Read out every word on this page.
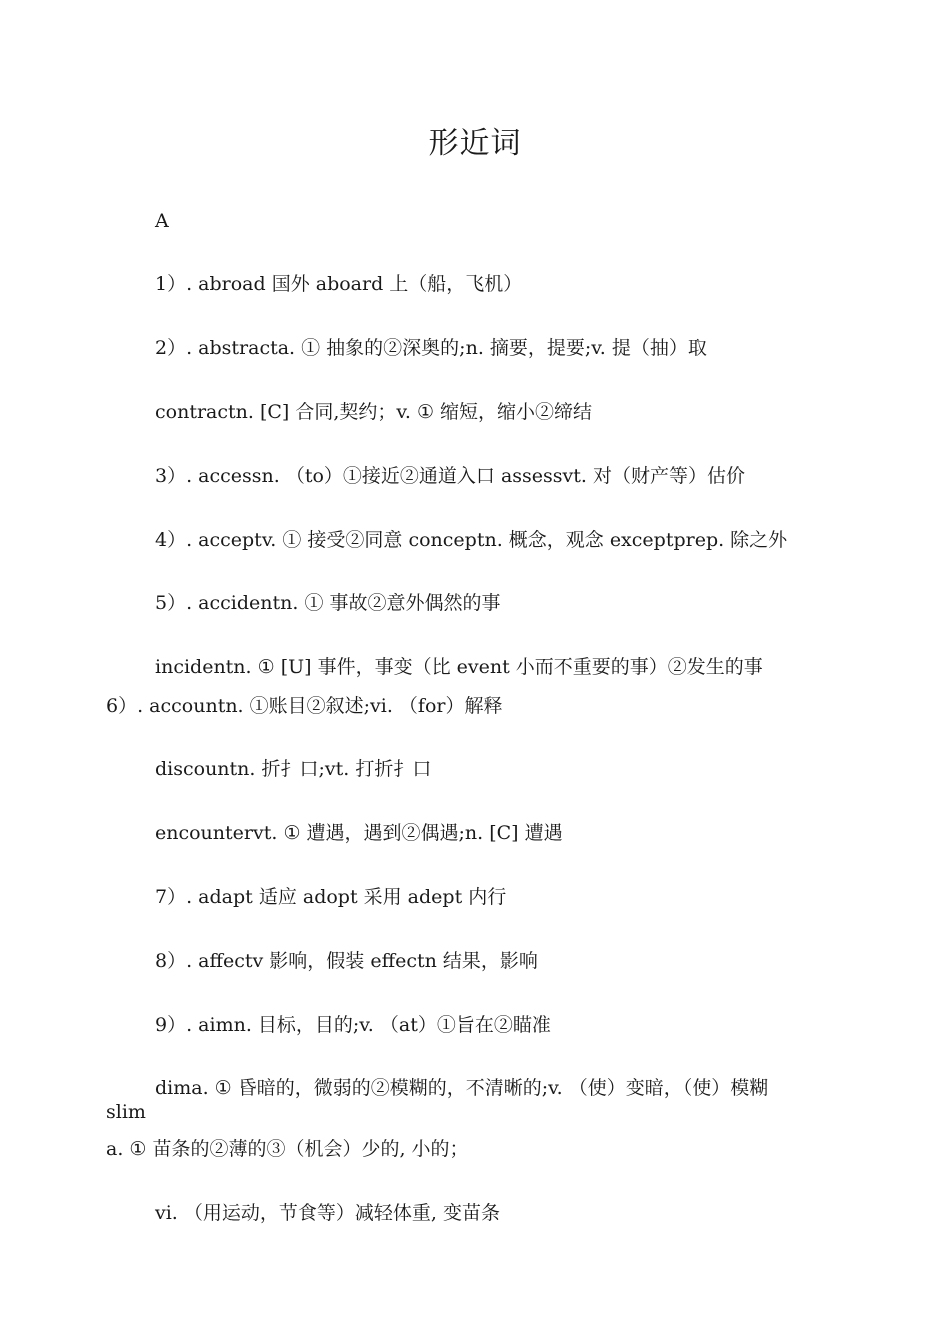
形近词
A
1）. abroad 国外 aboard 上（船，飞机）
2）. abstracta. ① 抽象的②深奥的;n. 摘要，提要;v. 提（抽）取
contractn. [C] 合同,契约；v. ① 缩短，缩小②缔结
3）. accessn. （to）①接近②通道入口 assessvt. 对（财产等）估价
4）. acceptv. ① 接受②同意 conceptn. 概念，观念 exceptprep. 除之外
5）. accidentn. ① 事故②意外偶然的事
incidentn. ① [U] 事件，事变（比 event 小而不重要的事）②发生的事
6）. accountn. ①账目②叙述;vi. （for）解释
discountn. 折扌口;vt. 打折扌口
encountervt. ① 遭遇，遇到②偶遇;n. [C] 遭遇
7）. adapt 适应 adopt 采用 adept 内行
8）. affectv 影响，假装 effectn 结果，影响
9）. aimn. 目标，目的;v. （at）①旨在②瞄准
dima. ① 昏暗的，微弱的②模糊的，不清晰的;v. （使）变暗，（使）模糊 slim
a. ① 苗条的②薄的③（机会）少的, 小的；
vi. （用运动，节食等）减轻体重, 变苗条
